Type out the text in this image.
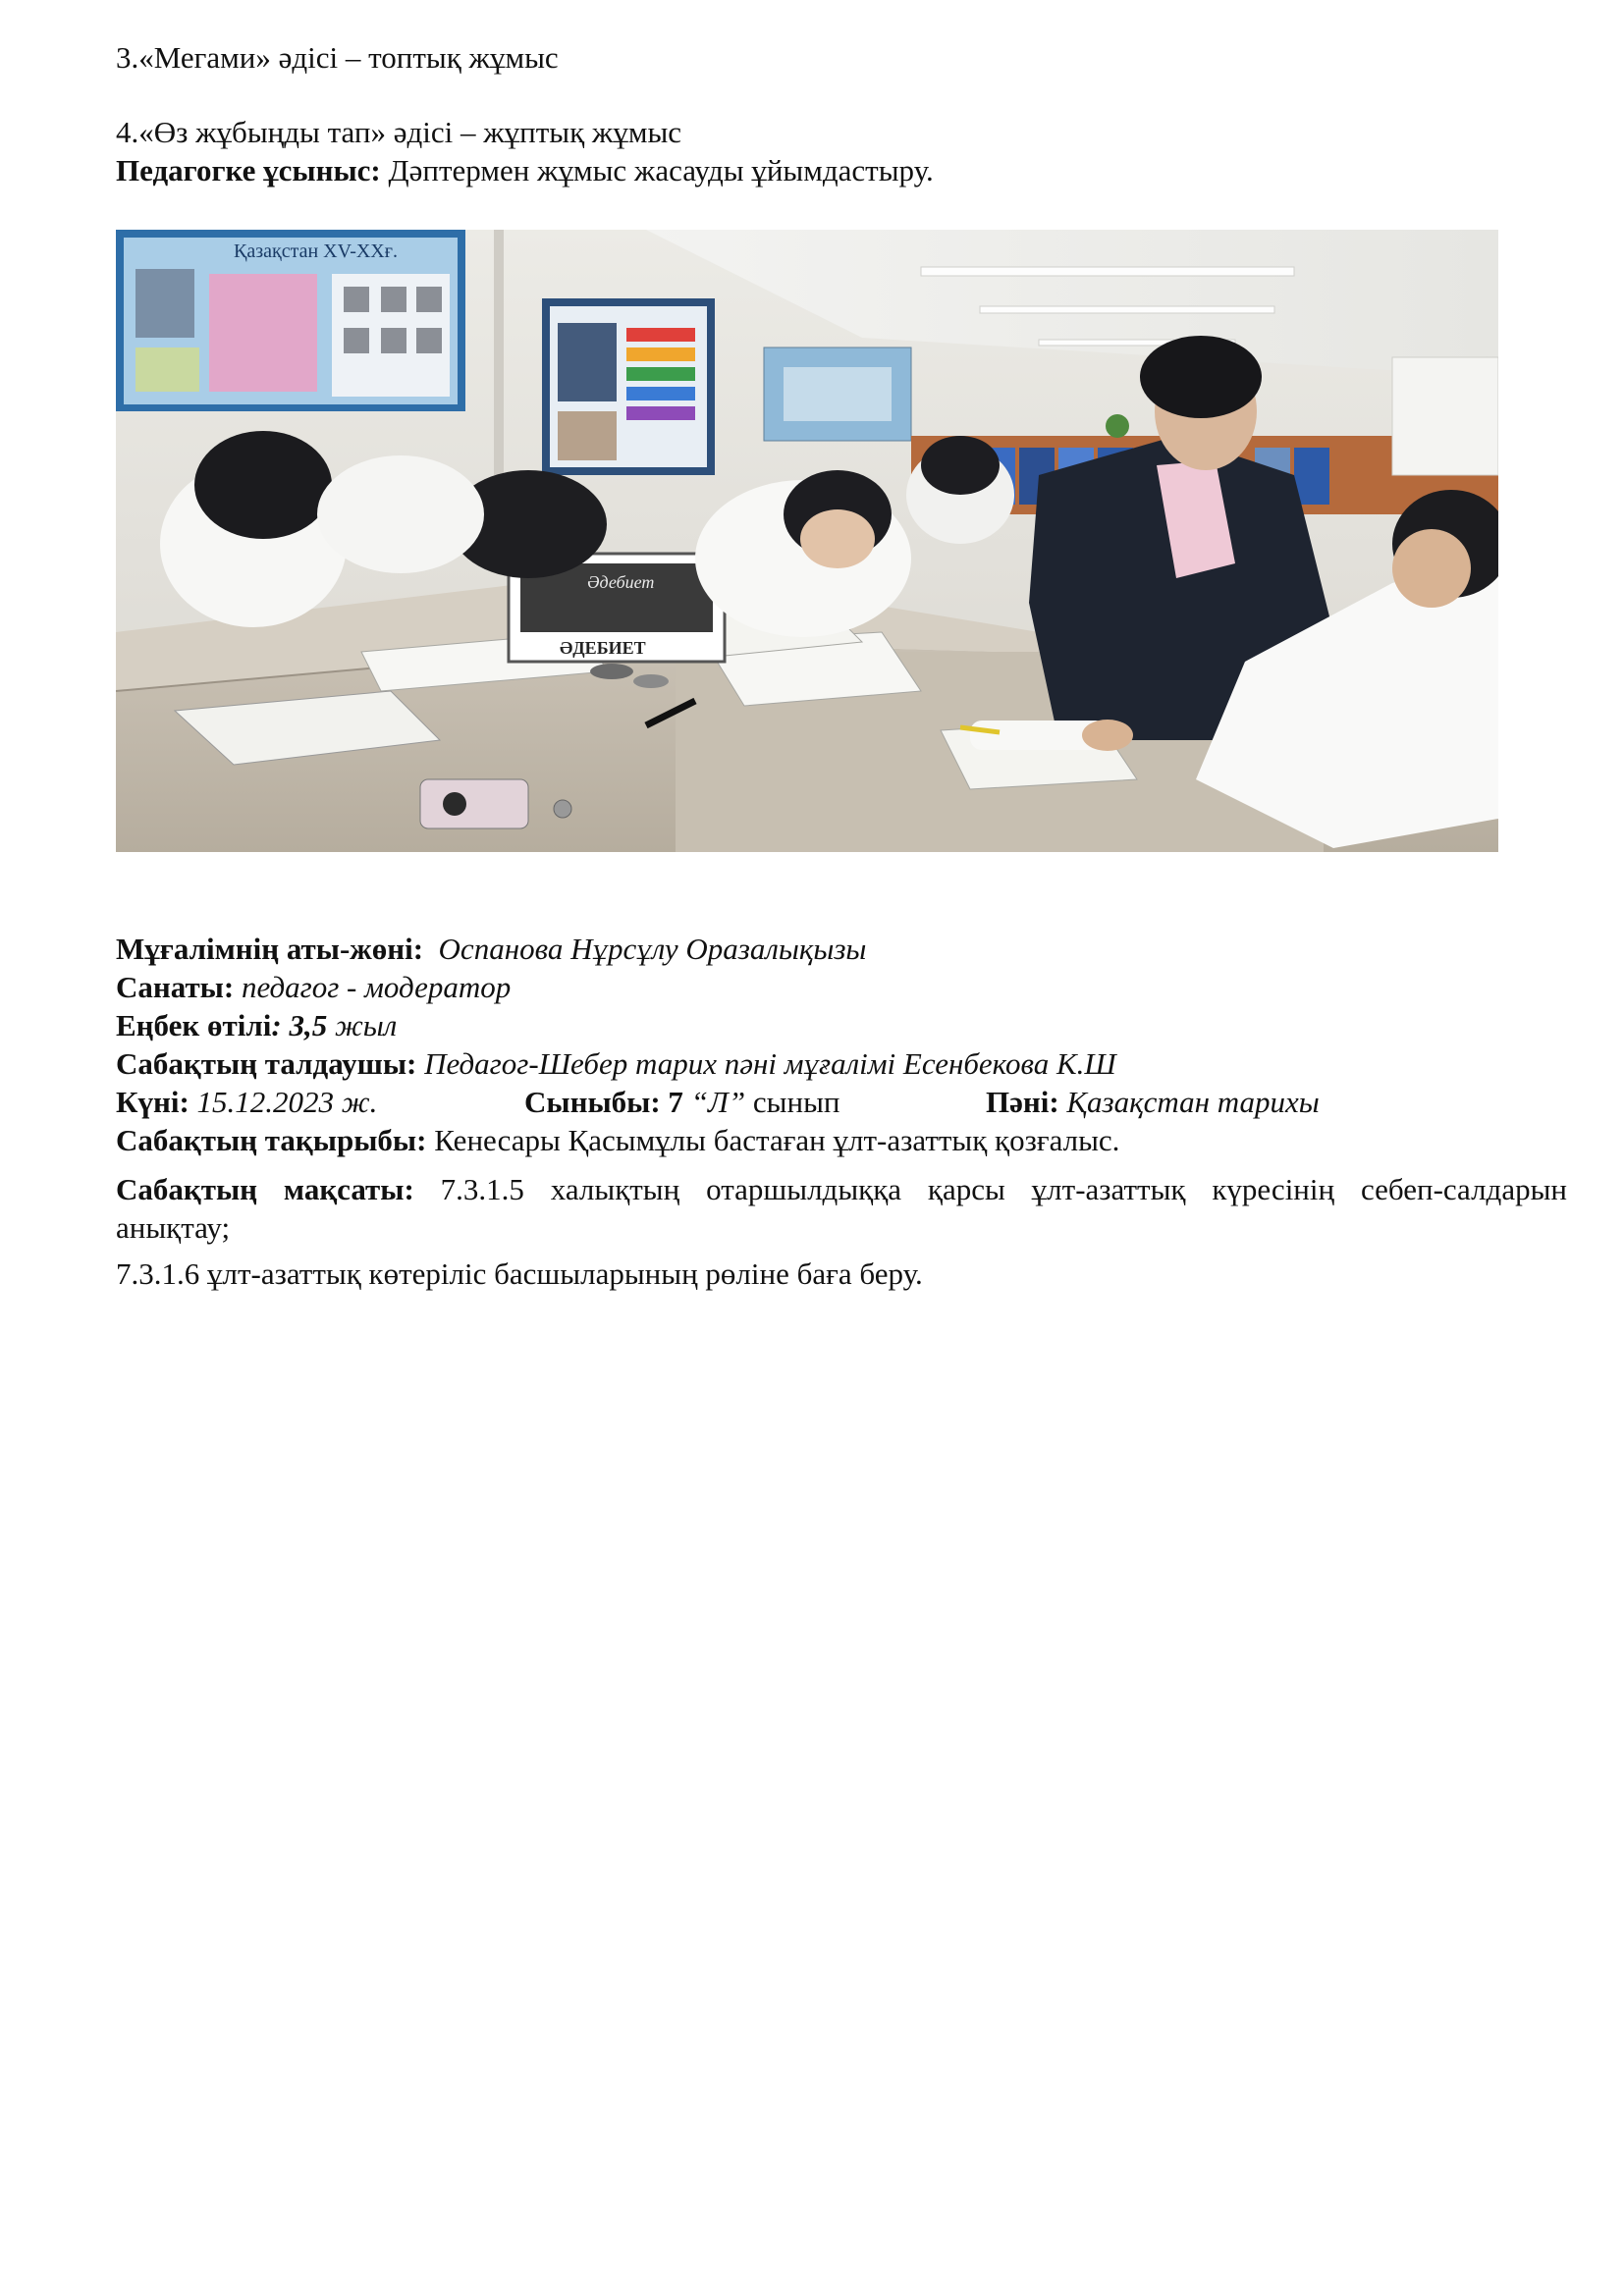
3.«Мегами» әдісі – топтық жұмыс
4.«Өз жұбыңды тап» әдісі – жұптық жұмыс
Педагогке ұсыныс: Дәптермен жұмыс жасауды ұйымдастыру.
Қазақстан XV-XXғ.
Әдебиет
ӘДЕБИЕТ
Мұғалімнің аты-жөні: Оспанова Нұрсұлу Оразалықызы
Санаты: педагог - модератор
Еңбек өтілі: 3,5 жыл
Сабақтың талдаушы: Педагог-Шебер тарих пәні мұғалімі Есенбекова К.Ш
Күні: 15.12.2023 ж.	Сыныбы: 7 “Л” сынып	Пәні: Қазақстан тарихы
Сабақтың тақырыбы: Кенесары Қасымұлы бастаған ұлт-азаттық қозғалыс.
Сабақтың мақсаты: 7.3.1.5 халықтың отаршылдыққа қарсы ұлт-азаттық күресінің себеп-салдарын
анықтау;
7.3.1.6 ұлт-азаттық көтеріліс басшыларының рөліне баға беру.
